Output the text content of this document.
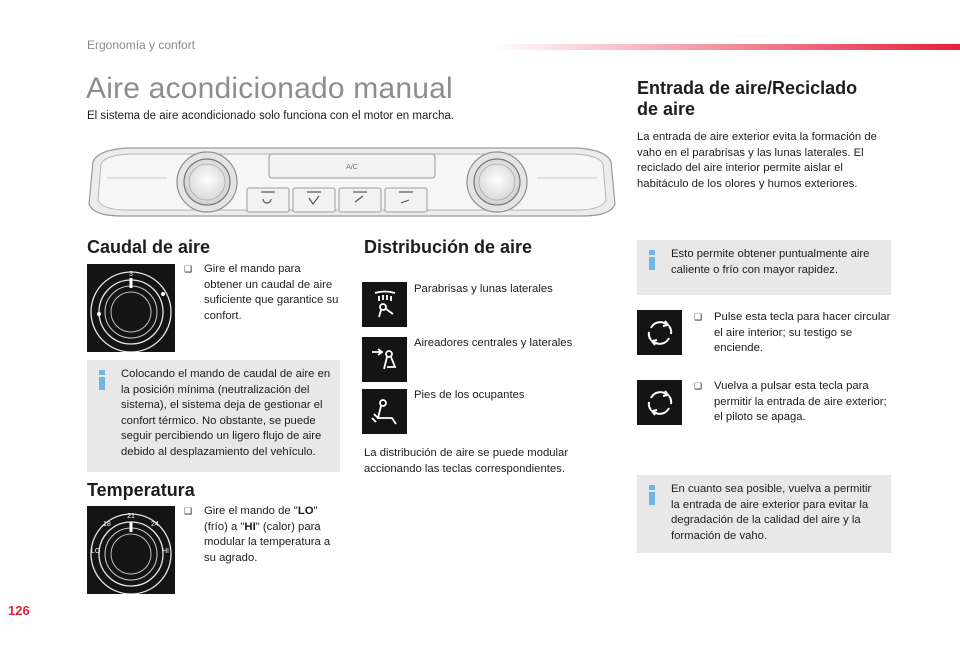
Ergonomía y confort
Aire acondicionado manual
El sistema de aire acondicionado solo funciona con el motor en marcha.
A/C
Caudal de aire
3
❑	Gire el mando para obtener un caudal de aire suficiente que garantice su confort.
Colocando el mando de caudal de aire en la posición mínima (neutralización del sistema), el sistema deja de gestionar el confort térmico. No obstante, se puede seguir percibiendo un ligero flujo de aire debido al desplazamiento del vehículo.
Temperatura
21
18	24
LO	HI
❑	Gire el mando de "LO" (frío) a "HI" (calor) para modular la temperatura a su agrado.
Distribución de aire
Parabrisas y lunas laterales
Aireadores centrales y laterales
Pies de los ocupantes
La distribución de aire se puede modular accionando las teclas correspondientes.
Entrada de aire/Reciclado
de aire
La entrada de aire exterior evita la formación de vaho en el parabrisas y las lunas laterales. El reciclado del aire interior permite aislar el habitáculo de los olores y humos exteriores.
Esto permite obtener puntualmente aire caliente o frío con mayor rapidez.
❑	Pulse esta tecla para hacer circular el aire interior; su testigo se enciende.
❑	Vuelva a pulsar esta tecla para permitir la entrada de aire exterior; el piloto se apaga.
En cuanto sea posible, vuelva a permitir la entrada de aire exterior para evitar la degradación de la calidad del aire y la formación de vaho.
126
